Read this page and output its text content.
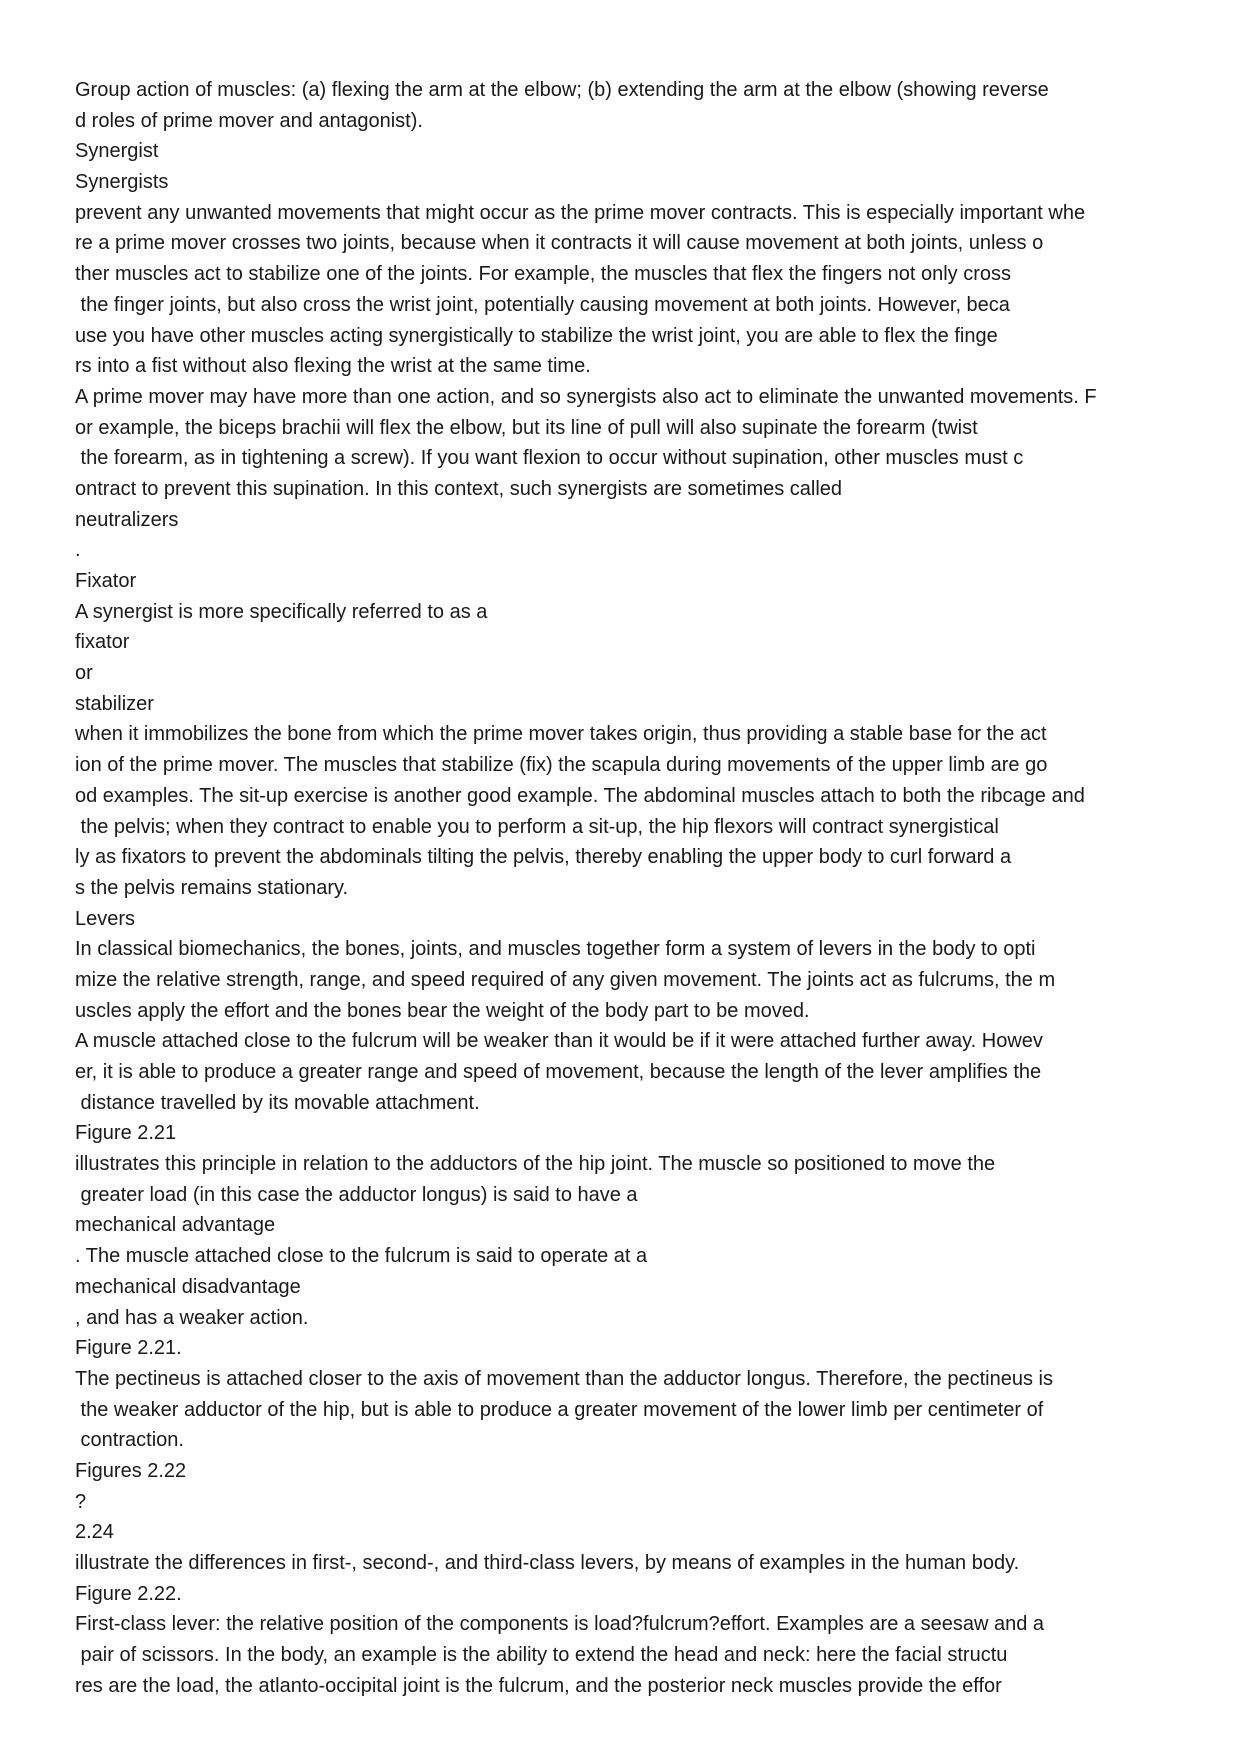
Group action of muscles: (a) flexing the arm at the elbow; (b) extending the arm at the elbow (showing reverse
d roles of prime mover and antagonist).
Synergist
Synergists
prevent any unwanted movements that might occur as the prime mover contracts. This is especially important whe
re a prime mover crosses two joints, because when it contracts it will cause movement at both joints, unless o
ther muscles act to stabilize one of the joints. For example, the muscles that flex the fingers not only cross
the finger joints, but also cross the wrist joint, potentially causing movement at both joints. However, beca
use you have other muscles acting synergistically to stabilize the wrist joint, you are able to flex the finge
rs into a fist without also flexing the wrist at the same time.
A prime mover may have more than one action, and so synergists also act to eliminate the unwanted movements. F
or example, the biceps brachii will flex the elbow, but its line of pull will also supinate the forearm (twist
the forearm, as in tightening a screw). If you want flexion to occur without supination, other muscles must c
ontract to prevent this supination. In this context, such synergists are sometimes called
neutralizers
.
Fixator
A synergist is more specifically referred to as a
fixator
or
stabilizer
when it immobilizes the bone from which the prime mover takes origin, thus providing a stable base for the act
ion of the prime mover. The muscles that stabilize (fix) the scapula during movements of the upper limb are go
od examples. The sit-up exercise is another good example. The abdominal muscles attach to both the ribcage and
the pelvis; when they contract to enable you to perform a sit-up, the hip flexors will contract synergistical
ly as fixators to prevent the abdominals tilting the pelvis, thereby enabling the upper body to curl forward a
s the pelvis remains stationary.
Levers
In classical biomechanics, the bones, joints, and muscles together form a system of levers in the body to opti
mize the relative strength, range, and speed required of any given movement. The joints act as fulcrums, the m
uscles apply the effort and the bones bear the weight of the body part to be moved.
A muscle attached close to the fulcrum will be weaker than it would be if it were attached further away. Howev
er, it is able to produce a greater range and speed of movement, because the length of the lever amplifies the
distance travelled by its movable attachment.
Figure 2.21
illustrates this principle in relation to the adductors of the hip joint. The muscle so positioned to move the
greater load (in this case the adductor longus) is said to have a
mechanical advantage
. The muscle attached close to the fulcrum is said to operate at a
mechanical disadvantage
, and has a weaker action.
Figure 2.21.
The pectineus is attached closer to the axis of movement than the adductor longus. Therefore, the pectineus is
the weaker adductor of the hip, but is able to produce a greater movement of the lower limb per centimeter of
contraction.
Figures 2.22
?
2.24
illustrate the differences in first-, second-, and third-class levers, by means of examples in the human body.
Figure 2.22.
First-class lever: the relative position of the components is load?fulcrum?effort. Examples are a seesaw and a
pair of scissors. In the body, an example is the ability to extend the head and neck: here the facial structu
res are the load, the atlanto-occipital joint is the fulcrum, and the posterior neck muscles provide the effor
